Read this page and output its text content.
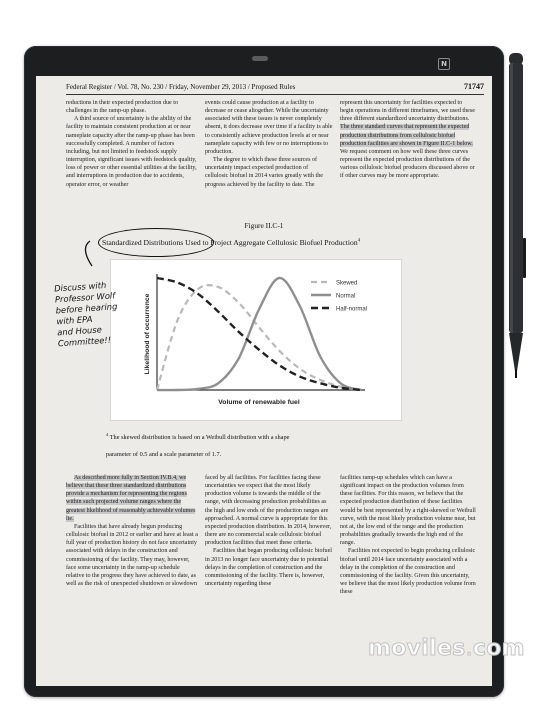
N
Federal Register / Vol. 78, No. 230 / Friday, November 29, 2013 / Proposed Rules	71747

reductions in their expected production due to challenges in the ramp-up phase.

A third source of uncertainty is the ability of the facility to maintain consistent production at or near nameplate capacity after the ramp-up phase has been successfully completed. A number of factors including, but not limited to feedstock supply interruption, significant issues with feedstock quality, loss of power or other essential utilities at the facility, and interruptions in production due to accidents, operator error, or weather

events could cause production at a facility to decrease or cease altogether. While the uncertainty associated with these issues is never completely absent, it does decrease over time if a facility is able to consistently achieve production levels at or near nameplate capacity with few or no interruptions to production.

The degree to which these three sources of uncertainty impact expected production of cellulosic biofuel in 2014 varies greatly with the progress achieved by the facility to date. The

represent this uncertainty for facilities expected to begin operations in different timeframes, we used these three different standardized uncertainty distributions. The three standard curves that represent the expected production distributions from cellulosic biofuel production facilities are shown in Figure II.C-1 below. We request comment on how well these three curves represent the expected production distributions of the various cellulosic biofuel producers discussed above or if other curves may be more appropriate.

Figure II.C-1
Standardized Distributions Used to Project Aggregate Cellulosic Biofuel Production$^4$
Skewed
Normal
Half-normal
Volume of renewable fuel
Likelihood of occurrence
Discuss with
Professor Wolf
before hearing
with EPA
and House
Committee!!
$^4$ The skewed distribution is based on a Weibull distribution with a shape
parameter of 0.5 and a scale parameter of 1.7.

As described more fully in Section IV.B.4, we believe that these three standardized distributions provide a mechanism for representing the regions within such projected volume ranges where the greatest likelihood of reasonably achievable volumes lie.

Facilities that have already begun producing cellulosic biofuel in 2012 or earlier and have at least a full year of production history do not face uncertainty associated with delays in the construction and commissioning of the facility. They may, however, face some uncertainty in the ramp-up schedule relative to the progress they have achieved to date, as well as the risk of unexpected shutdown or slowdown

faced by all facilities. For facilities facing these uncertainties we expect that the most likely production volume is towards the middle of the range, with decreasing production probabilities as the high and low ends of the production ranges are approached. A normal curve is appropriate for this expected production distribution. In 2014, however, there are no commercial scale cellulosic biofuel production facilities that meet these criteria.

Facilities that began producing cellulosic biofuel in 2013 no longer face uncertainty due to potential delays in the completion of construction and the commissioning of the facility. There is, however, uncertainty regarding these

facilities ramp-up schedules which can have a significant impact on the production volumes from these facilities. For this reason, we believe that the expected production distribution of these facilities would be best represented by a right-skewed or Weibull curve, with the most likely production volume near, but not at, the low end of the range and the production probabilities gradually towards the high end of the range.

Facilities not expected to begin producing cellulosic biofuel until 2014 face uncertainty associated with a delay in the completion of the construction and commissioning of the facility. Given this uncertainty, we believe that the most likely production volume from these

moviles.com
